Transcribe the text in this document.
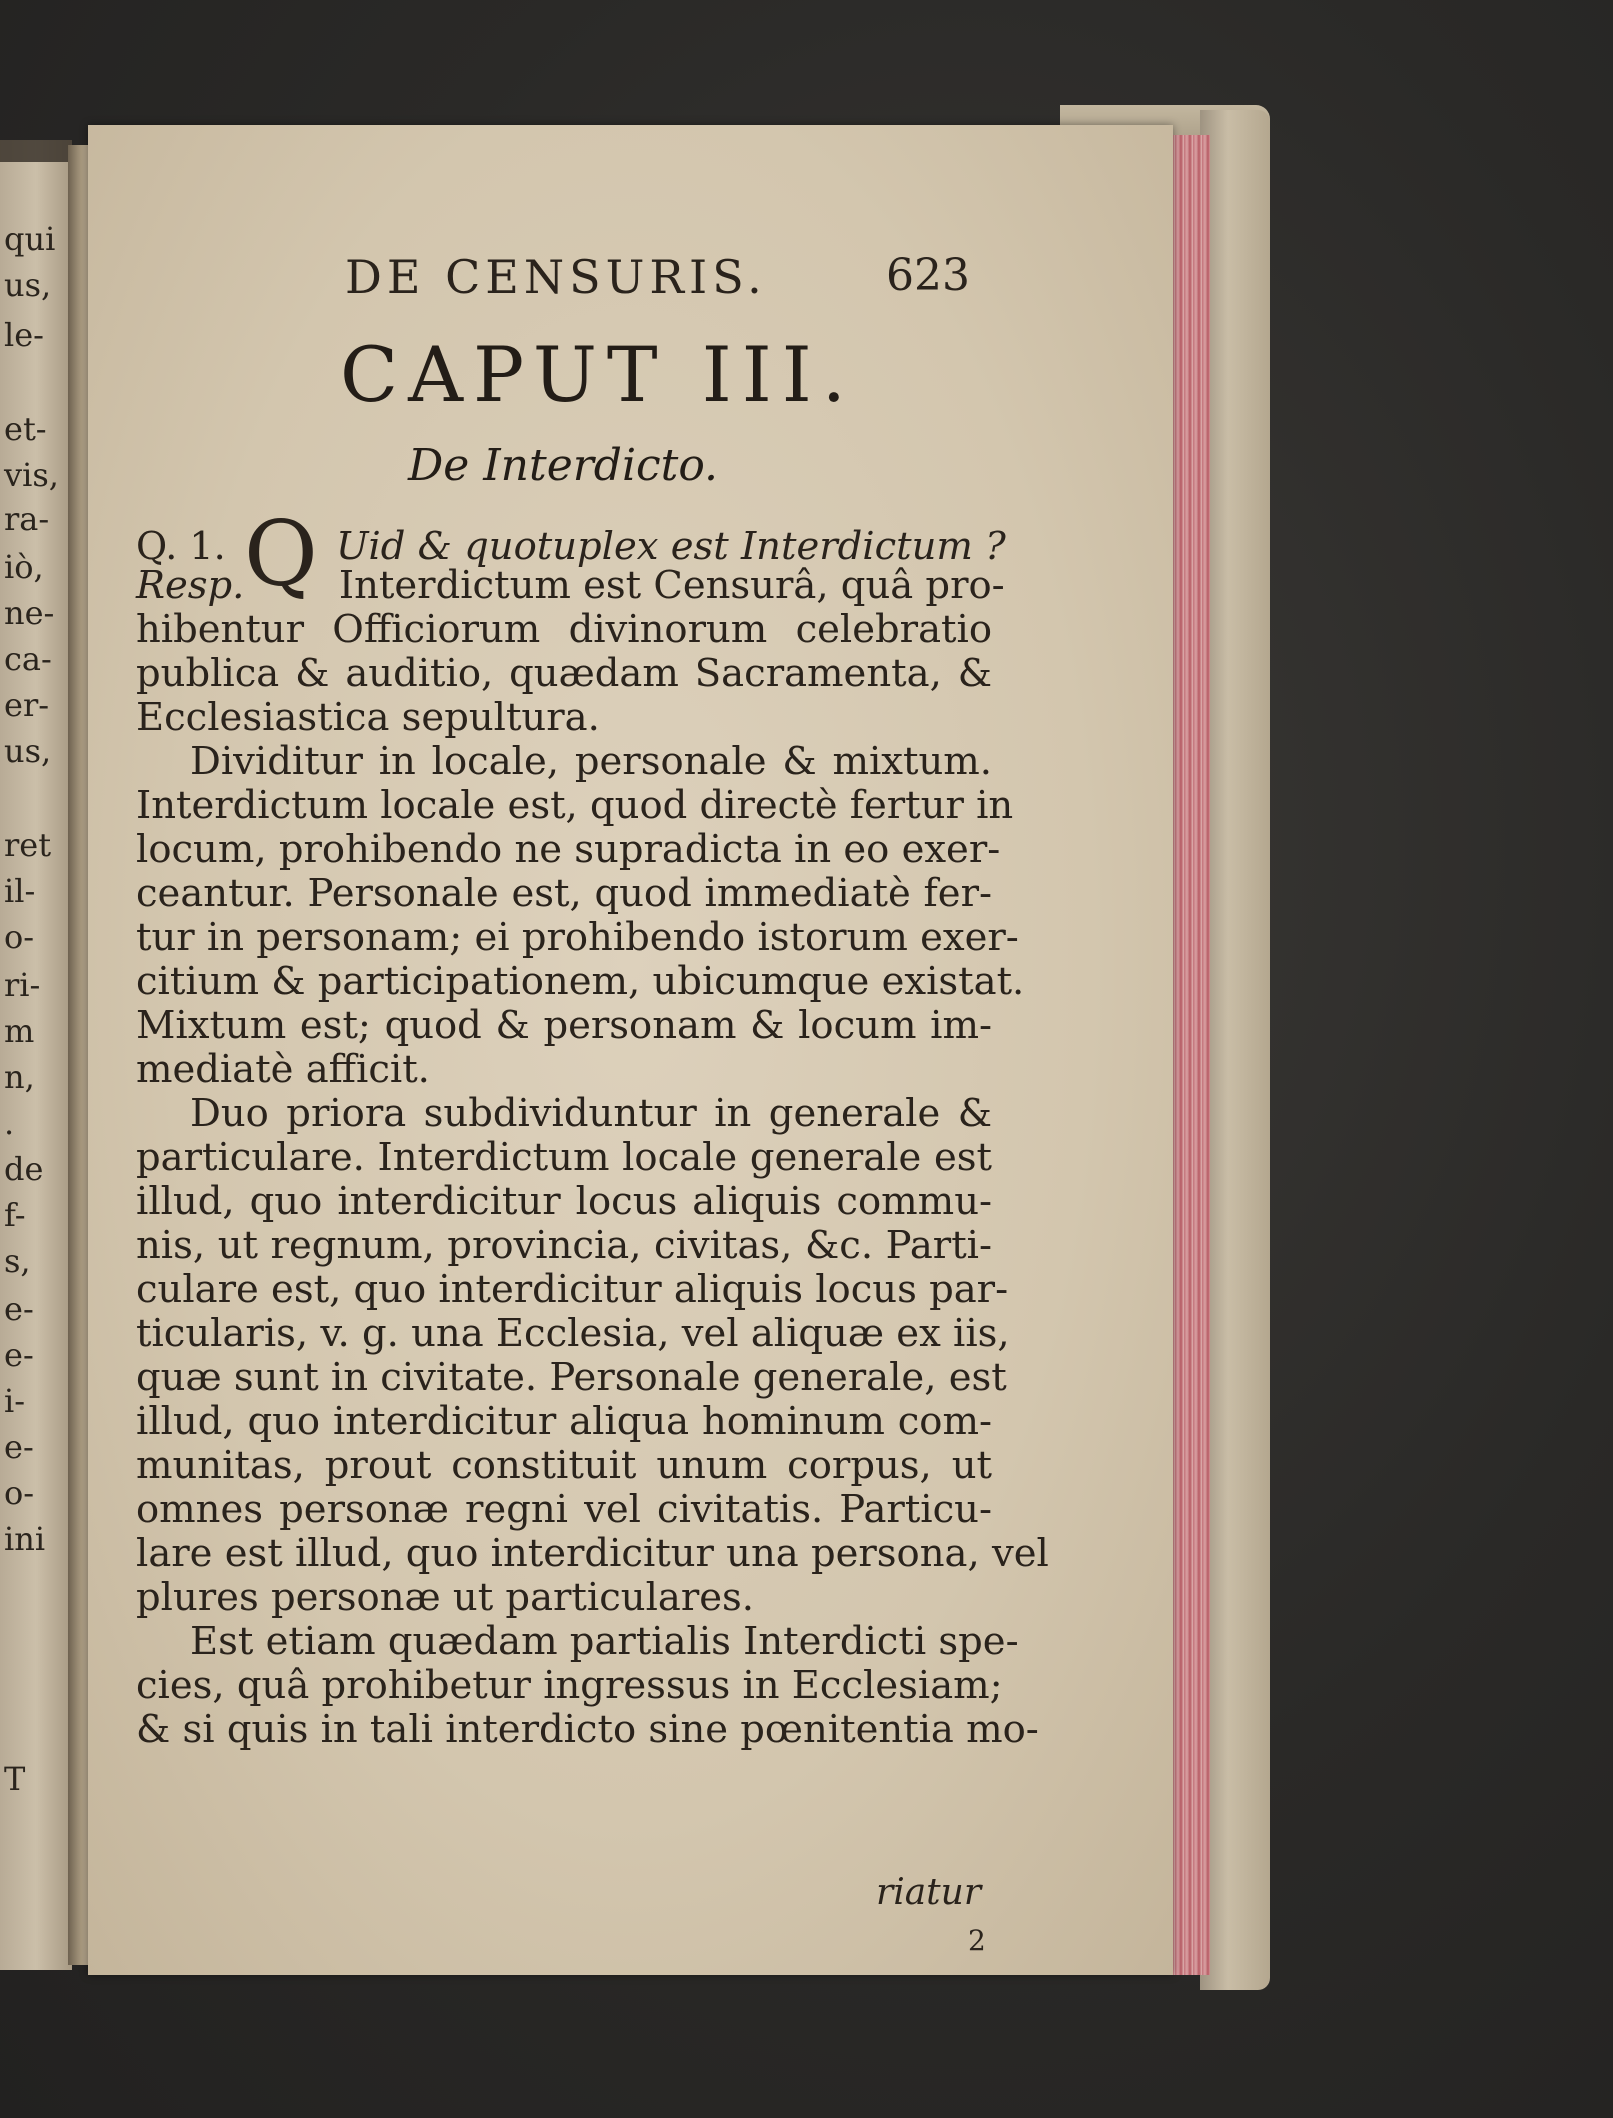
qui
us,
le-
et-
vis,
ra-
iò,
ne-
ca-
er-
us,
ret
il-
o-
ri-
m
n,
.
de
f-
s,
e-
e-
i-
e-
o-
ini
T
DE CENSURIS.	623
CAPUT III.
De Interdicto.
Q. 1. Q Uid & quotuplex est Interdictum ?
Resp. Interdictum est Censurâ, quâ pro-
hibentur Officiorum divinorum celebratio
publica & auditio, quædam Sacramenta, &
Ecclesiastica sepultura.
Dividitur in locale, personale & mixtum.
Interdictum locale est, quod directè fertur in
locum, prohibendo ne supradicta in eo exer-
ceantur. Personale est, quod immediatè fer-
tur in personam; ei prohibendo istorum exer-
citium & participationem, ubicumque existat.
Mixtum est; quod & personam & locum im-
mediatè afficit.
Duo priora subdividuntur in generale &
particulare. Interdictum locale generale est
illud, quo interdicitur locus aliquis commu-
nis, ut regnum, provincia, civitas, &c. Parti-
culare est, quo interdicitur aliquis locus par-
ticularis, v. g. una Ecclesia, vel aliquæ ex iis,
quæ sunt in civitate. Personale generale, est
illud, quo interdicitur aliqua hominum com-
munitas, prout constituit unum corpus, ut
omnes personæ regni vel civitatis. Particu-
lare est illud, quo interdicitur una persona, vel
plures personæ ut particulares.
Est etiam quædam partialis Interdicti spe-
cies, quâ prohibetur ingressus in Ecclesiam;
& si quis in tali interdicto sine pœnitentia mo-
riatur
2
